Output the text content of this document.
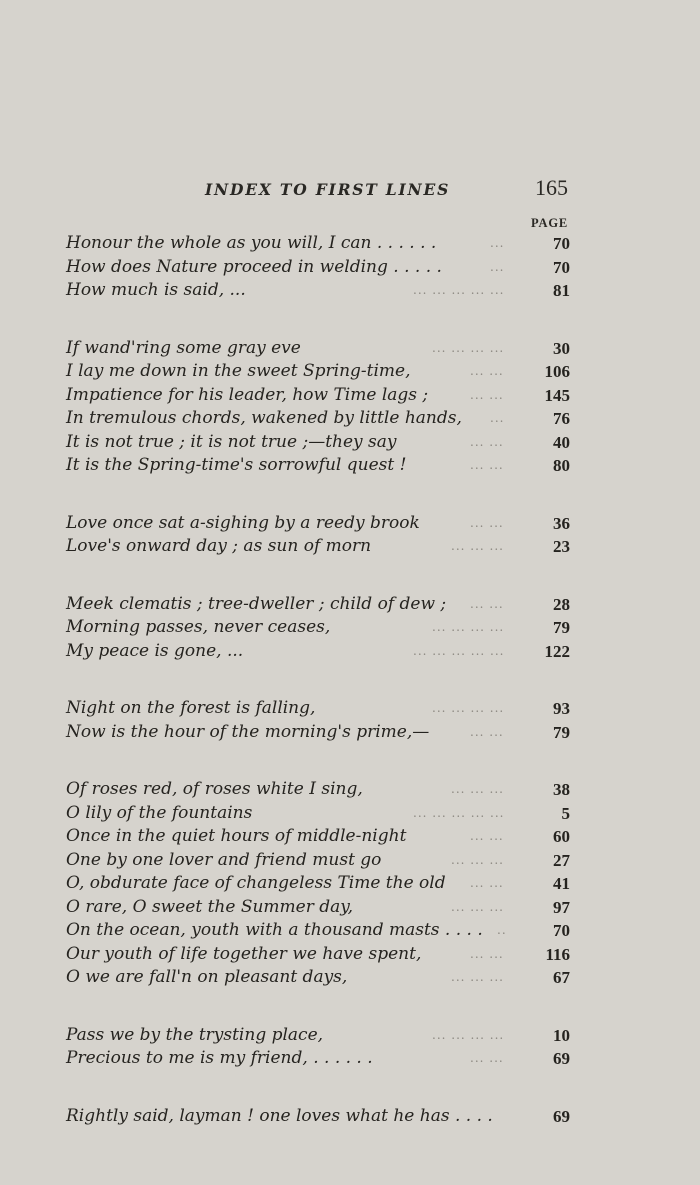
INDEX TO FIRST LINES	165
PAGE
Honour the whole as you will, I can . . . . . .	...	70
How does Nature proceed in welding . . . . .	...	70
How much is said, ...	... ... ... ... ...	81
If wand'ring some gray eve	... ... ... ...	30
I lay me down in the sweet Spring-time,	... ... 106
Impatience for his leader, how Time lags ;	... ... 145
In tremulous chords, wakened by little hands, ...	76
It is not true ; it is not true ;—they say	... ...	40
It is the Spring-time's sorrowful quest !	... ...	80
Love once sat a-sighing by a reedy brook	... ...	36
Love's onward day ; as sun of morn	... ... ...	23
Meek clematis ; tree-dweller ; child of dew ; ... ...	28
Morning passes, never ceases,	... ... ... ...	79
My peace is gone, ...	... ... ... ... ... 122
Night on the forest is falling,	... ... ... ...	93
Now is the hour of the morning's prime,—	... ...	79
Of roses red, of roses white I sing,	... ... ...	38
O lily of the fountains	... ... ... ... ...	5
Once in the quiet hours of middle-night	... ...	60
One by one lover and friend must go	... ... ...	27
O, obdurate face of changeless Time the old ... ...	41
O rare, O sweet the Summer day,	... ... ...	97
On the ocean, youth with a thousand masts . . . . ..	70
Our youth of life together we have spent,	... ... 116
O we are fall'n on pleasant days,	... ... ...	67
Pass we by the trysting place,	... ... ... ...	10
Precious to me is my friend, . . . . . .	... ...	69
Rightly said, layman ! one loves what he has . . . .	69
